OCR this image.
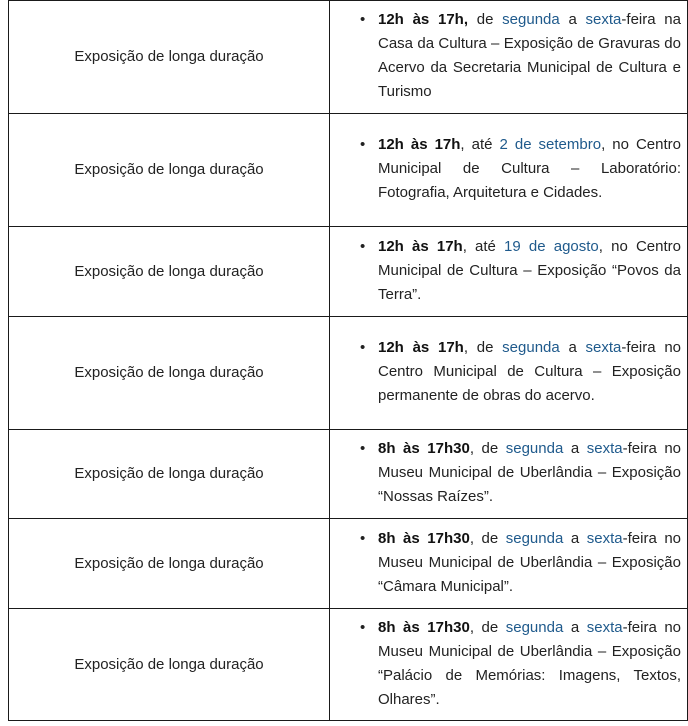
Exposição de longa duração	• 12h às 17h, de segunda a sexta-feira na Casa da Cultura – Exposição de Gravuras do Acervo da Secretaria Municipal de Cultura e Turismo

Exposição de longa duração	• 12h às 17h, até 2 de setembro, no Centro Municipal de Cultura – Laboratório: Fotografia, Arquitetura e Cidades.

Exposição de longa duração	• 12h às 17h, até 19 de agosto, no Centro Municipal de Cultura – Exposição “Povos da Terra”.

Exposição de longa duração	• 12h às 17h, de segunda a sexta-feira no Centro Municipal de Cultura – Exposição permanente de obras do acervo.

Exposição de longa duração	• 8h às 17h30, de segunda a sexta-feira no Museu Municipal de Uberlândia – Exposição “Nossas Raízes”.

Exposição de longa duração	• 8h às 17h30, de segunda a sexta-feira no Museu Municipal de Uberlândia – Exposição “Câmara Municipal”.

Exposição de longa duração	• 8h às 17h30, de segunda a sexta-feira no Museu Municipal de Uberlândia – Exposição “Palácio de Memórias: Imagens, Textos, Olhares”.
